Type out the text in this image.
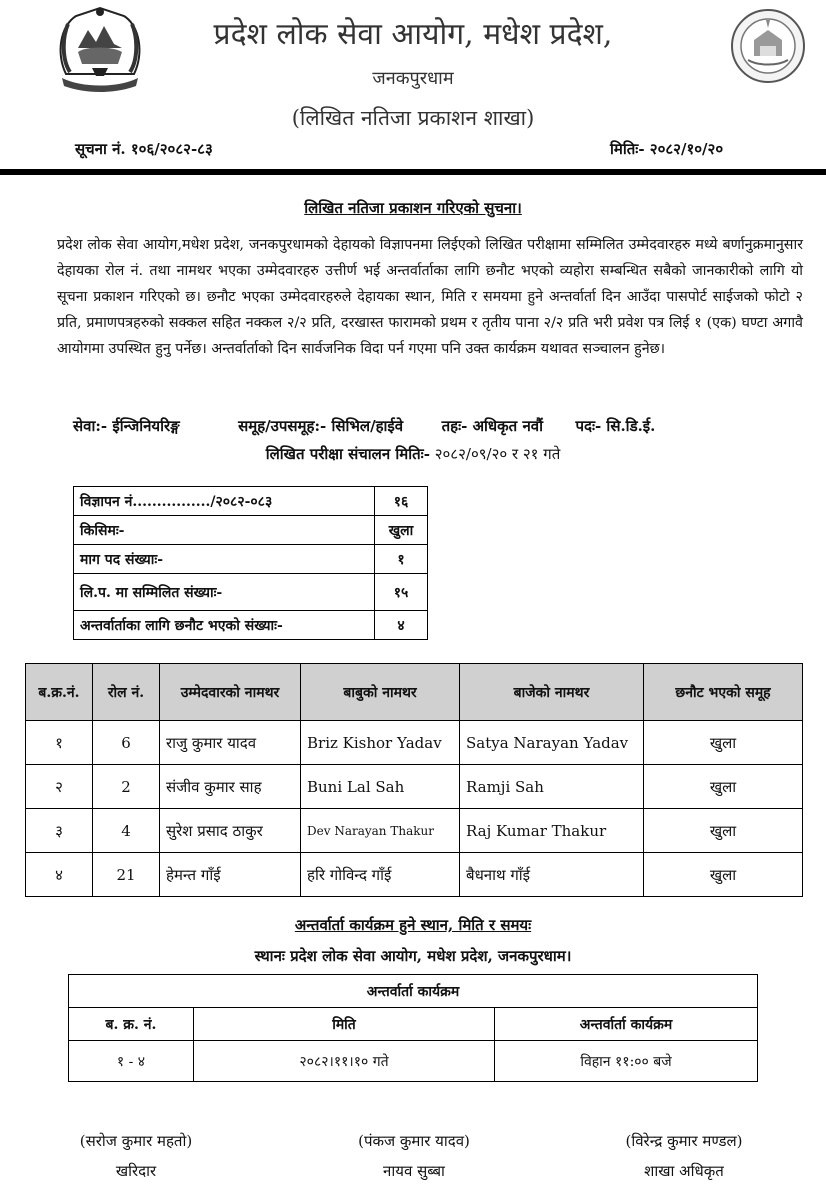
प्रदेश लोक सेवा आयोग, मधेश प्रदेश,
जनकपुरधाम
(लिखित नतिजा प्रकाशन शाखा)
सूचना नं. १०६/२०८२-८३	मितिः- २०८२/१०/२०
लिखित नतिजा प्रकाशन गरिएको सुचना।
प्रदेश लोक सेवा आयोग,मधेश प्रदेश, जनकपुरधामको देहायको विज्ञापनमा लिईएको लिखित परीक्षामा सम्मिलित उम्मेदवारहरु मध्ये बर्णानुक्रमानुसार देहायका रोल नं. तथा नामथर भएका उम्मेदवारहरु उत्तीर्ण भई अन्तर्वार्ताका लागि छनौट भएको व्यहोरा सम्बन्धित सबैको जानकारीको लागि यो सूचना प्रकाशन गरिएको छ। छनौट भएका उम्मेदवारहरुले देहायका स्थान, मिति र समयमा हुने अन्तर्वार्ता दिन आउँदा पासपोर्ट साईजको फोटो २ प्रति, प्रमाणपत्रहरुको सक्कल सहित नक्कल २/२ प्रति, दरखास्त फारामको प्रथम र तृतीय पाना २/२ प्रति भरी प्रवेश पत्र लिई १ (एक) घण्टा अगावै आयोगमा उपस्थित हुनु पर्नेछ। अन्तर्वार्ताको दिन सार्वजनिक विदा पर्न गएमा पनि उक्त कार्यक्रम यथावत सञ्चालन हुनेछ।
सेवा:- ईन्जिनियरिङ्ग	समूह/उपसमूह:- सिभिल/हाईवे	तहः- अधिकृत नवौं पदः- सि.डि.ई.
लिखित परीक्षा संचालन मितिः- २०८२/०९/२० र २१ गते
विज्ञापन नं................/२०८२-०८३	१६
किसिमः-	खुला
माग पद संख्याः-	१
लि.प. मा सम्मिलित संख्याः-	१५
अन्तर्वार्ताका लागि छनौट भएको संख्याः-	४
ब.क्र.नं.	रोल नं.	उम्मेदवारको नामथर	बाबुको नामथर	बाजेको नामथर	छनौट भएको समूह
१	6	राजु कुमार यादव	Briz Kishor Yadav	Satya Narayan Yadav	खुला
२	2	संजीव कुमार साह	Buni Lal Sah	Ramji Sah	खुला
३	4	सुरेश प्रसाद ठाकुर	Dev Narayan Thakur	Raj Kumar Thakur	खुला
४	21	हेमन्त गाँई	हरि गोविन्द गाँई	बैधनाथ गाँई	खुला
अन्तर्वार्ता कार्यक्रम हुने स्थान, मिति र समयः
स्थानः प्रदेश लोक सेवा आयोग, मधेश प्रदेश, जनकपुरधाम।
अन्तर्वार्ता कार्यक्रम		
ब. क्र. नं.	मिति	अन्तर्वार्ता कार्यक्रम
१ - ४	२०८२।११।१० गते	विहान ११:०० बजे
(सरोज कुमार महतो)
खरिदार
(पंकज कुमार यादव)
नायव सुब्बा
(विरेन्द्र कुमार मण्डल)
शाखा अधिकृत
